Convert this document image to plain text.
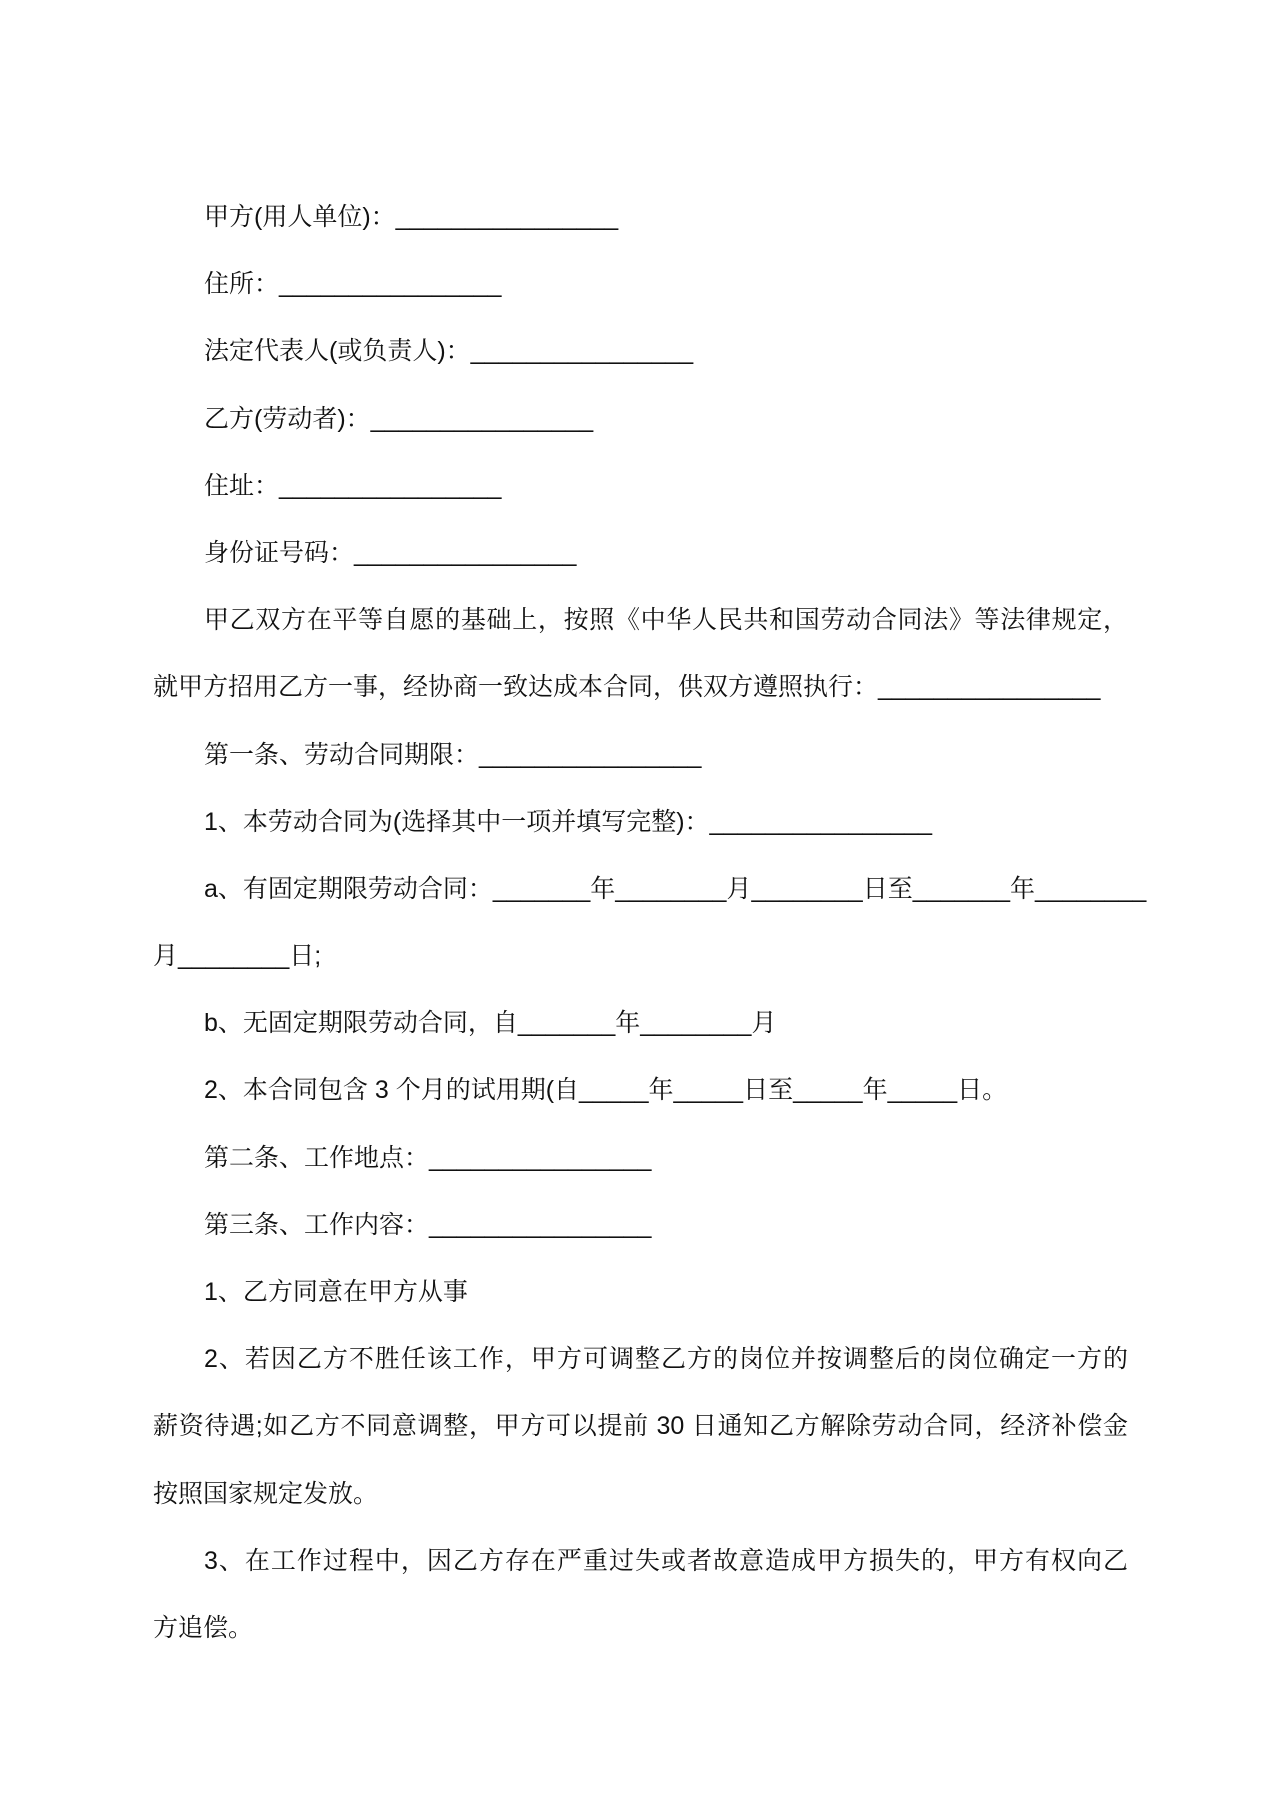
甲方(用人单位)：________________
住所：________________
法定代表人(或负责人)：________________
乙方(劳动者)：________________
住址：________________
身份证号码：________________
甲乙双方在平等自愿的基础上，按照《中华人民共和国劳动合同法》等法律规定，
就甲方招用乙方一事，经协商一致达成本合同，供双方遵照执行：________________
第一条、劳动合同期限：________________
1、本劳动合同为(选择其中一项并填写完整)：________________
a、有固定期限劳动合同：_______年________月________日至_______年________
月________日;
b、无固定期限劳动合同，自_______年________月
2、本合同包含 3 个月的试用期(自_____年_____日至_____年_____日。
第二条、工作地点：________________
第三条、工作内容：________________
1、乙方同意在甲方从事
2、若因乙方不胜任该工作，甲方可调整乙方的岗位并按调整后的岗位确定一方的
薪资待遇;如乙方不同意调整，甲方可以提前 30 日通知乙方解除劳动合同，经济补偿金
按照国家规定发放。
3、在工作过程中，因乙方存在严重过失或者故意造成甲方损失的，甲方有权向乙
方追偿。
